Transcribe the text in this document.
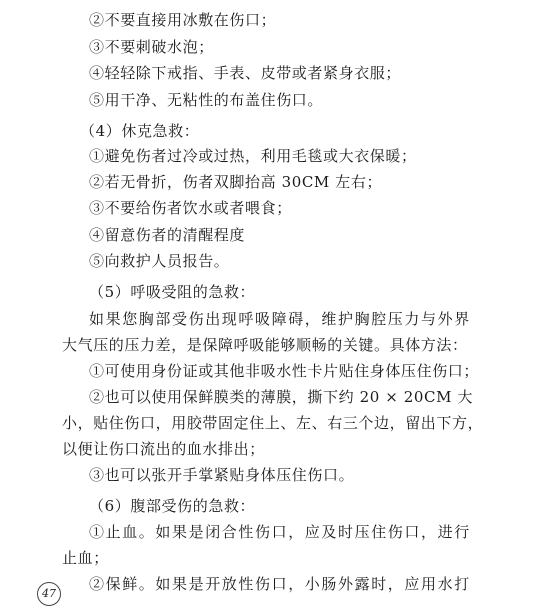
②不要直接用冰敷在伤口；
③不要刺破水泡；
④轻轻除下戒指、手表、皮带或者紧身衣服；
⑤用干净、无粘性的布盖住伤口。
（4）休克急救：
①避免伤者过冷或过热，利用毛毯或大衣保暖；
②若无骨折，伤者双脚抬高 30CM 左右；
③不要给伤者饮水或者喂食；
④留意伤者的清醒程度
⑤向救护人员报告。
（5）呼吸受阻的急救：
如果您胸部受伤出现呼吸障碍，维护胸腔压力与外界
大气压的压力差，是保障呼吸能够顺畅的关键。具体方法：
①可使用身份证或其他非吸水性卡片贴住身体压住伤口；
②也可以使用保鲜膜类的薄膜，撕下约 20 × 20CM 大
小，贴住伤口，用胶带固定住上、左、右三个边，留出下方，
以便让伤口流出的血水排出；
③也可以张开手掌紧贴身体压住伤口。
（6）腹部受伤的急救：
①止血。如果是闭合性伤口，应及时压住伤口，进行
止血；
②保鲜。如果是开放性伤口，小肠外露时，应用水打
47
